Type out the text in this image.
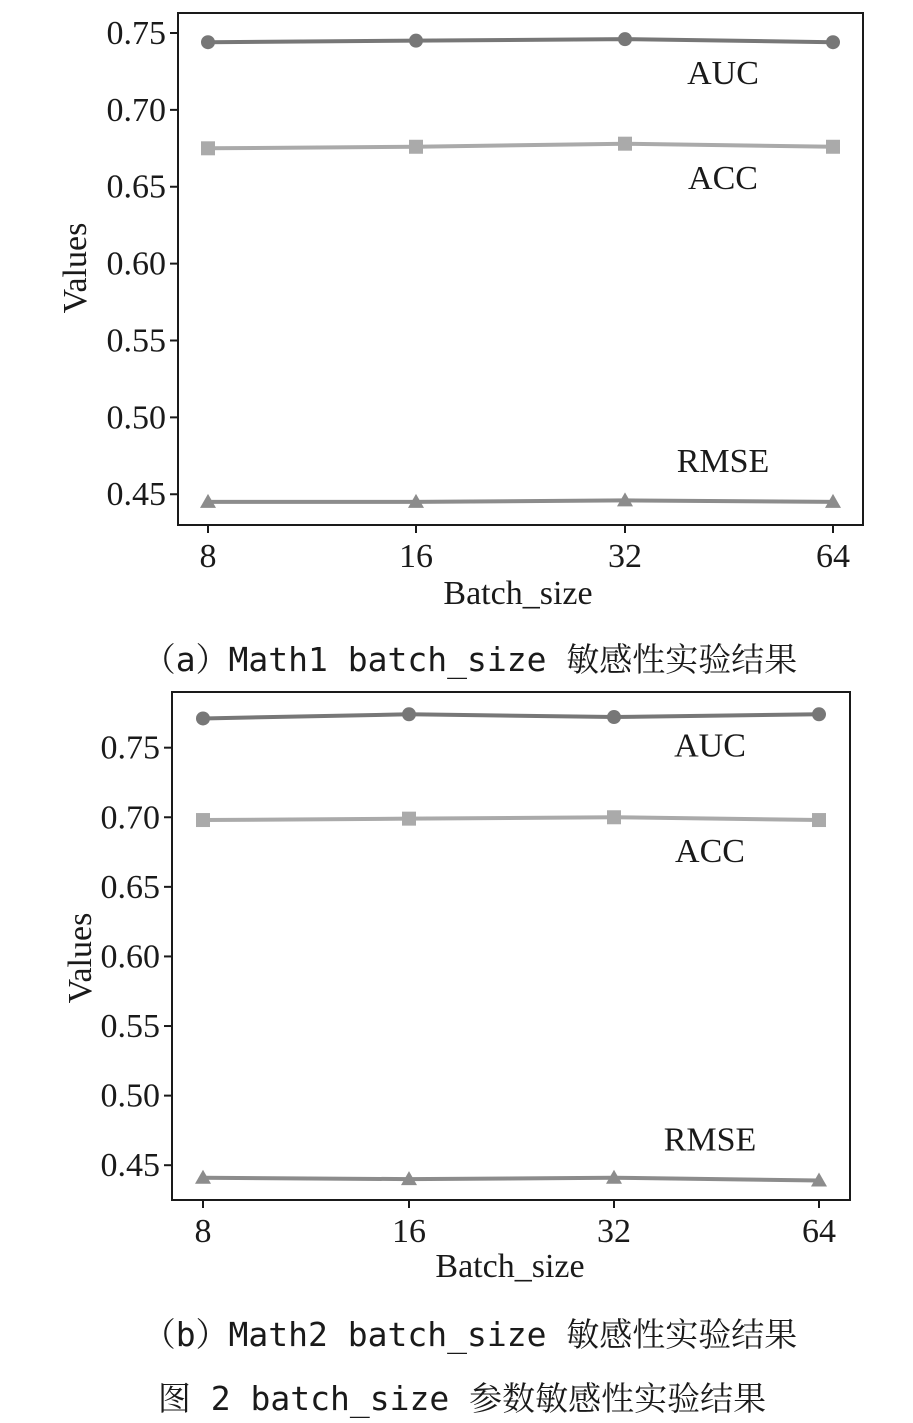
0.45
0.50
0.55
0.60
0.65
0.70
0.75
8	16	32	64
AUC
ACC
RMSE
Values
Batch_size
（a）Math1 batch_size 敏感性实验结果
0.45
0.50
0.55
0.60
0.65
0.70
0.75
8	16	32	64
AUC
ACC
RMSE
Values
Batch_size
（b）Math2 batch_size 敏感性实验结果
图 2 batch_size 参数敏感性实验结果
